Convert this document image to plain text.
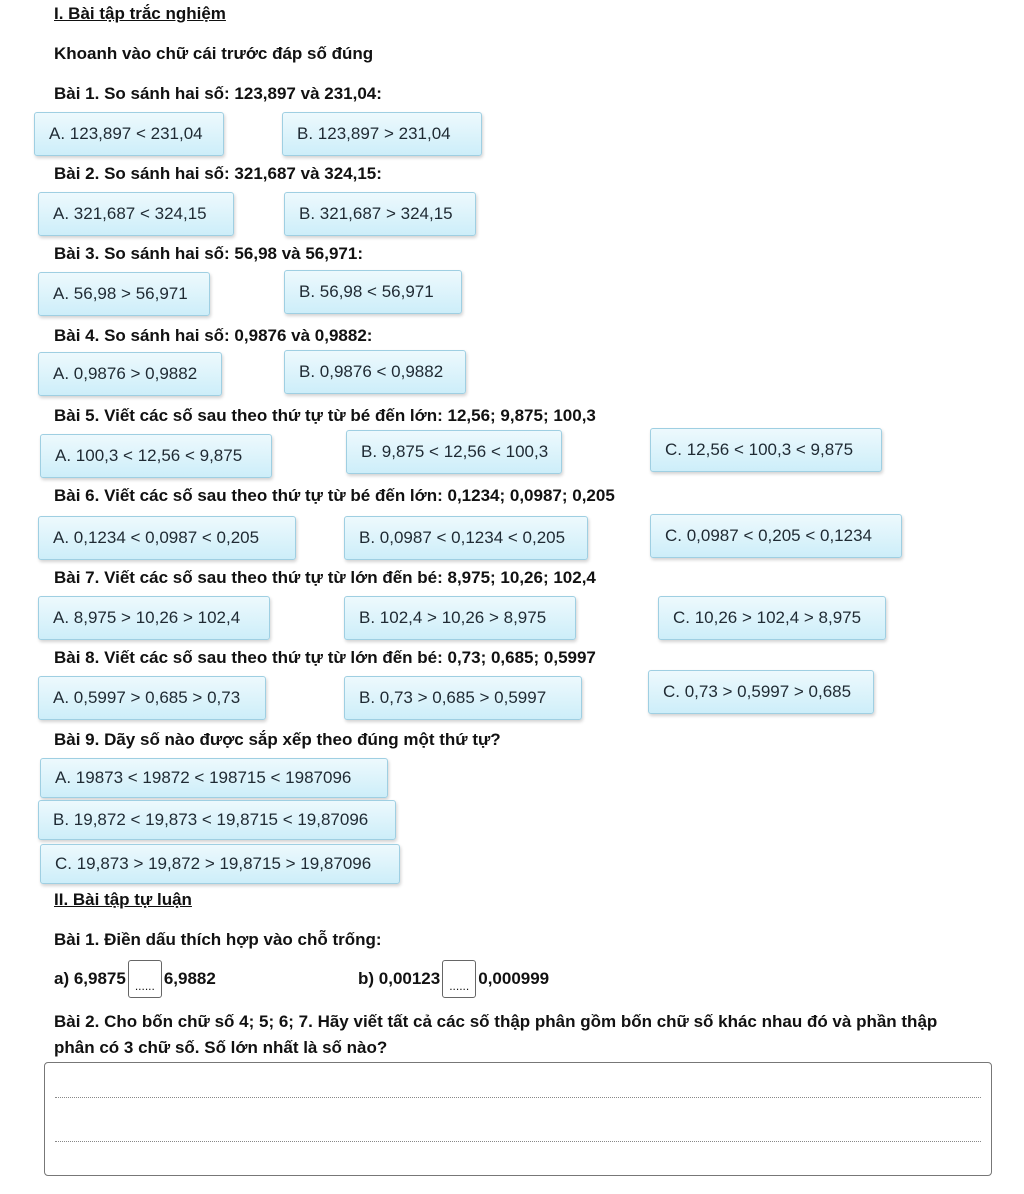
I. Bài tập trắc nghiệm
Khoanh vào chữ cái trước đáp số đúng
Bài 1. So sánh hai số: 123,897 và 231,04:
A. 123,897 < 231,04	B. 123,897 > 231,04
Bài 2. So sánh hai số: 321,687 và 324,15:
A. 321,687 < 324,15	B. 321,687 > 324,15
Bài 3. So sánh hai số: 56,98 và 56,971:
A. 56,98 > 56,971	B. 56,98 < 56,971
Bài 4. So sánh hai số: 0,9876 và 0,9882:
A. 0,9876 > 0,9882	B. 0,9876 < 0,9882
Bài 5. Viết các số sau theo thứ tự từ bé đến lớn: 12,56; 9,875; 100,3
A. 100,3 < 12,56 < 9,875	B. 9,875 < 12,56 < 100,3	C. 12,56 < 100,3 < 9,875
Bài 6. Viết các số sau theo thứ tự từ bé đến lớn: 0,1234; 0,0987; 0,205
A. 0,1234 < 0,0987 < 0,205	B. 0,0987 < 0,1234 < 0,205	C. 0,0987 < 0,205 < 0,1234
Bài 7. Viết các số sau theo thứ tự từ lớn đến bé: 8,975; 10,26; 102,4
A. 8,975 > 10,26 > 102,4	B. 102,4 > 10,26 > 8,975	C. 10,26 > 102,4 > 8,975
Bài 8. Viết các số sau theo thứ tự từ lớn đến bé: 0,73; 0,685; 0,5997
A. 0,5997 > 0,685 > 0,73	B. 0,73 > 0,685 > 0,5997	C. 0,73 > 0,5997 > 0,685
Bài 9. Dãy số nào được sắp xếp theo đúng một thứ tự?
A. 19873 < 19872 < 198715 < 1987096
B. 19,872 < 19,873 < 19,8715 < 19,87096
C. 19,873 > 19,872 > 19,8715 > 19,87096
II. Bài tập tự luận
Bài 1. Điền dấu thích hợp vào chỗ trống:
a) 6,9875 ...... 6,9882	b) 0,00123 ...... 0,000999
Bài 2. Cho bốn chữ số 4; 5; 6; 7. Hãy viết tất cả các số thập phân gồm bốn chữ số khác nhau đó và phần thập
phân có 3 chữ số. Số lớn nhất là số nào?
